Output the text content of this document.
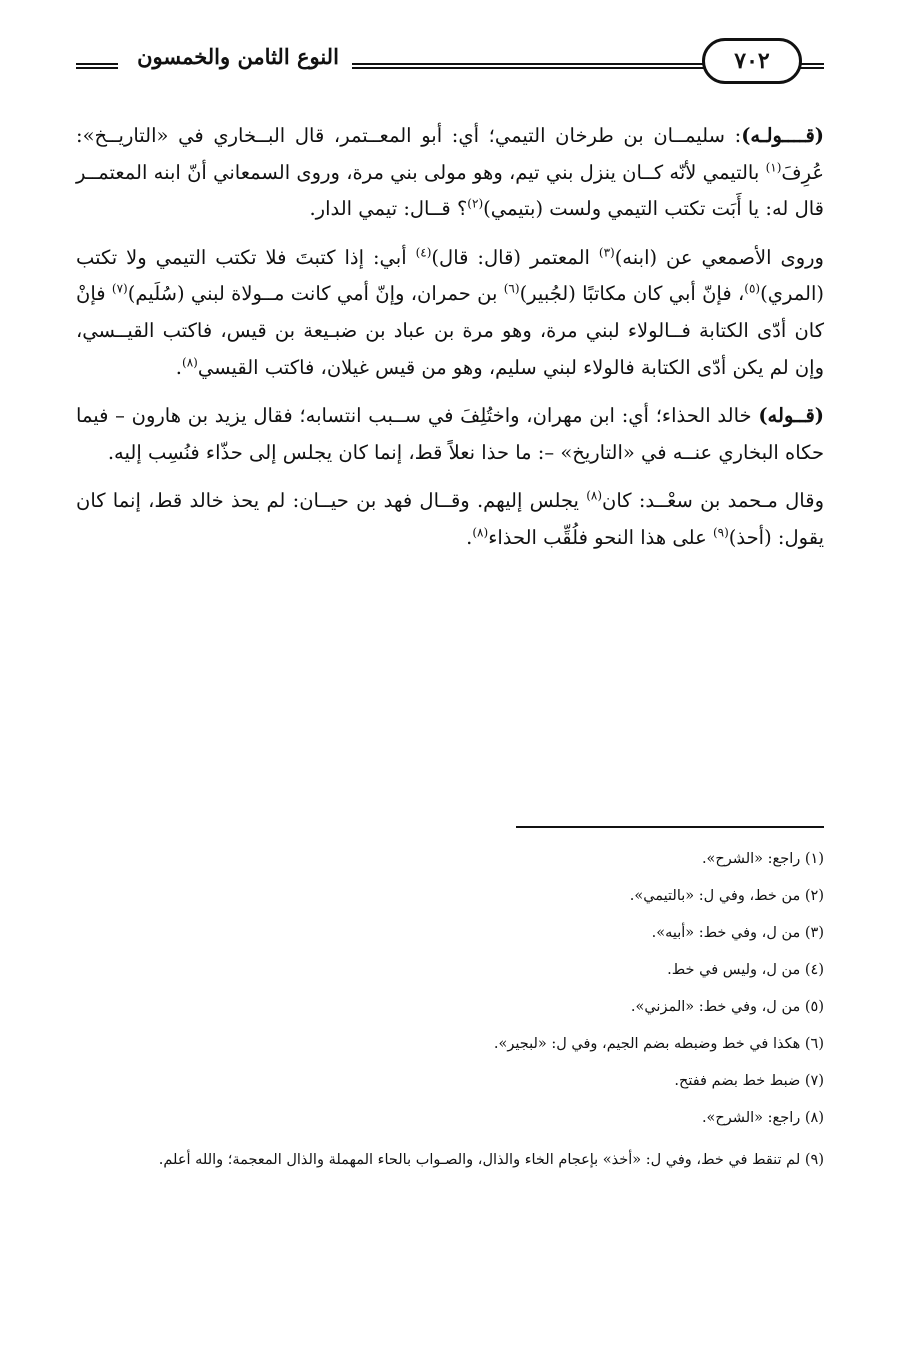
النوع الثامن والخمسون	٧٠٢

(قــــولـه): سليمــان بن طرخان التيمي؛ أي: أبو المعــتمر، قال البــخاري في «التاريــخ»: عُرِفَ$^{(١)}$ بالتيمي لأنّه كــان ينزل بني تيم، وهو مولى بني مرة، وروى السمعاني أنّ ابنه المعتمــر قال له: يا أَبَت تكتب التيمي ولست (بتيمي)$^{(٢)}$؟ قــال: تيمي الدار.

وروى الأصمعي عن (ابنه)$^{(٣)}$ المعتمر (قال: قال)$^{(٤)}$ أبي: إذا كتبتَ فلا تكتب التيمي ولا تكتب (المري)$^{(٥)}$، فإنّ أبي كان مكاتبًا (لجُبير)$^{(٦)}$ بن حمران، وإنّ أمي كانت مــولاة لبني (سُلَيم)$^{(٧)}$ فإنْ كان أدّى الكتابة فــالولاء لبني مرة، وهو مرة بن عباد بن ضبـيعة بن قيس، فاكتب القيــسي، وإن لم يكن أدّى الكتابة فالولاء لبني سليم، وهو من قيس غيلان، فاكتب القيسي$^{(٨)}$.

(قــوله) خالد الحذاء؛ أي: ابن مهران، واختُلِفَ في ســبب انتسابه؛ فقال يزيد بن هارون – فيما حكاه البخاري عنــه في «التاريخ» –: ما حذا نعلاً قط، إنما كان يجلس إلى حذّاء فنُسِب إليه.

وقال مـحمد بن سعْــد: كان$^{(٨)}$ يجلس إليهم. وقــال فهد بن حيــان: لم يحذ خالد قط، إنما كان يقول: (أحذ)$^{(٩)}$ على هذا النحو فلُقِّب الحذاء$^{(٨)}$.

(١) راجع: «الشرح».
(٢) من خط، وفي ل: «بالتيمي».
(٣) من ل، وفي خط: «أبيه».
(٤) من ل، وليس في خط.
(٥) من ل، وفي خط: «المزني».
(٦) هكذا في خط وضبطه بضم الجيم، وفي ل: «لبجير».
(٧) ضبط خط بضم ففتح.
(٨) راجع: «الشرح».
(٩) لم تنقط في خط، وفي ل: «أخذ» بإعجام الخاء والذال، والصـواب بالحاء المهملة والذال المعجمة؛ والله أعلم.
